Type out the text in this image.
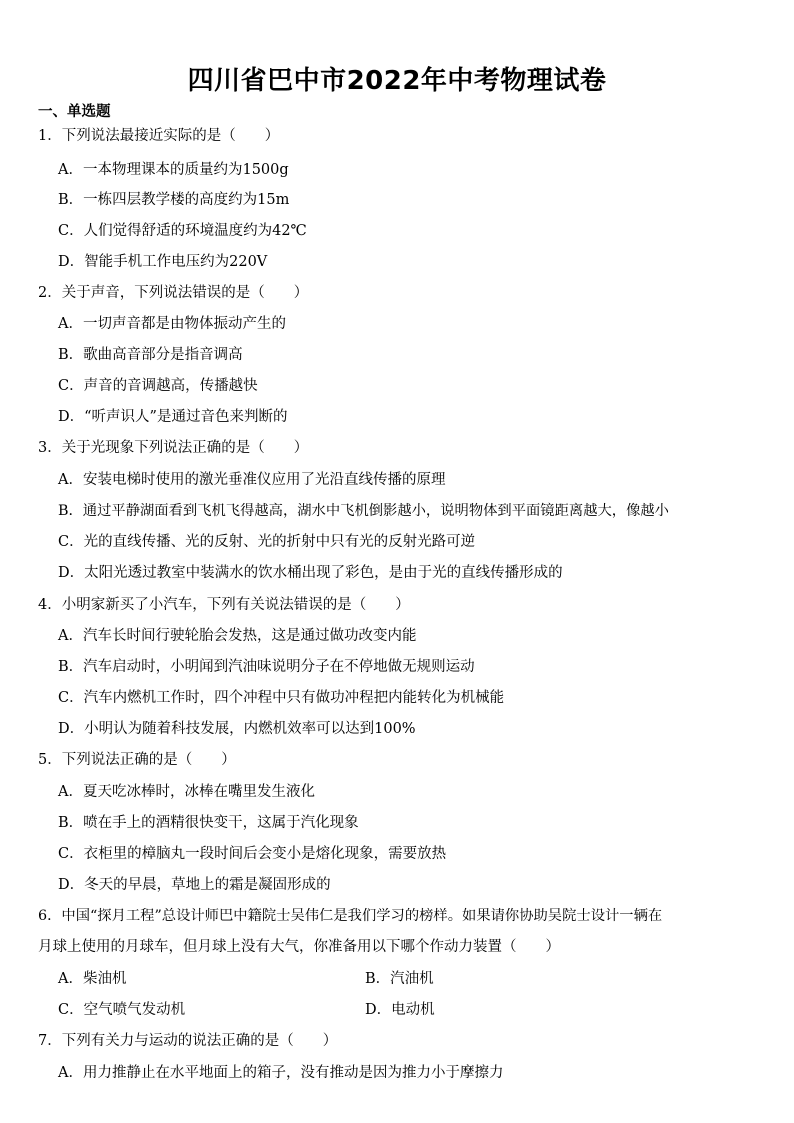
四川省巴中市2022年中考物理试卷
一、单选题
1．下列说法最接近实际的是（　　）
A．一本物理课本的质量约为1500g
B．一栋四层教学楼的高度约为15m
C．人们觉得舒适的环境温度约为42℃
D．智能手机工作电压约为220V
2．关于声音，下列说法错误的是（　　）
A．一切声音都是由物体振动产生的
B．歌曲高音部分是指音调高
C．声音的音调越高，传播越快
D．“听声识人”是通过音色来判断的
3．关于光现象下列说法正确的是（　　）
A．安装电梯时使用的激光垂准仪应用了光沿直线传播的原理
B．通过平静湖面看到飞机飞得越高，湖水中飞机倒影越小，说明物体到平面镜距离越大，像越小
C．光的直线传播、光的反射、光的折射中只有光的反射光路可逆
D．太阳光透过教室中装满水的饮水桶出现了彩色，是由于光的直线传播形成的
4．小明家新买了小汽车，下列有关说法错误的是（　　）
A．汽车长时间行驶轮胎会发热，这是通过做功改变内能
B．汽车启动时，小明闻到汽油味说明分子在不停地做无规则运动
C．汽车内燃机工作时，四个冲程中只有做功冲程把内能转化为机械能
D．小明认为随着科技发展，内燃机效率可以达到100%
5．下列说法正确的是（　　）
A．夏天吃冰棒时，冰棒在嘴里发生液化
B．喷在手上的酒精很快变干，这属于汽化现象
C．衣柜里的樟脑丸一段时间后会变小是熔化现象，需要放热
D．冬天的早晨，草地上的霜是凝固形成的
6．中国“探月工程”总设计师巴中籍院士吴伟仁是我们学习的榜样。如果请你协助吴院士设计一辆在
月球上使用的月球车，但月球上没有大气，你准备用以下哪个作动力装置（　　）
A．柴油机	B．汽油机
C．空气喷气发动机	D．电动机
7．下列有关力与运动的说法正确的是（　　）
A．用力推静止在水平地面上的箱子，没有推动是因为推力小于摩擦力
